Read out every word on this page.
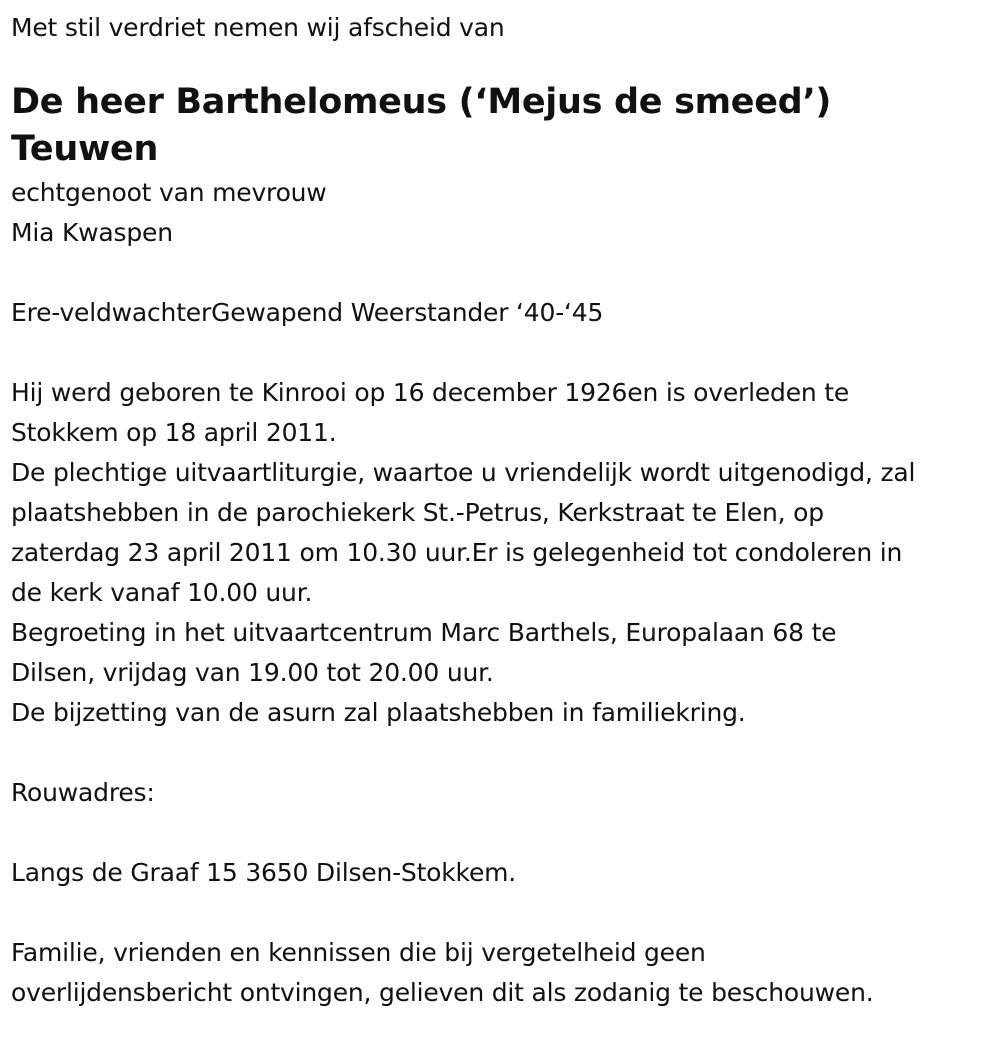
Met stil verdriet nemen wij afscheid van

De heer Barthelomeus (‘Mejus de smeed’)

Teuwen

echtgenoot van mevrouw

Mia Kwaspen

Ere-veldwachterGewapend Weerstander ‘40-‘45

Hij werd geboren te Kinrooi op 16 december 1926en is overleden te

Stokkem op 18 april 2011.

De plechtige uitvaartliturgie, waartoe u vriendelijk wordt uitgenodigd, zal

plaatshebben in de parochiekerk St.-Petrus, Kerkstraat te Elen, op

zaterdag 23 april 2011 om 10.30 uur.Er is gelegenheid tot condoleren in

de kerk vanaf 10.00 uur.

Begroeting in het uitvaartcentrum Marc Barthels, Europalaan 68 te

Dilsen, vrijdag van 19.00 tot 20.00 uur.

De bijzetting van de asurn zal plaatshebben in familiekring.

Rouwadres:

Langs de Graaf 15 3650 Dilsen-Stokkem.

Familie, vrienden en kennissen die bij vergetelheid geen

overlijdensbericht ontvingen, gelieven dit als zodanig te beschouwen.
